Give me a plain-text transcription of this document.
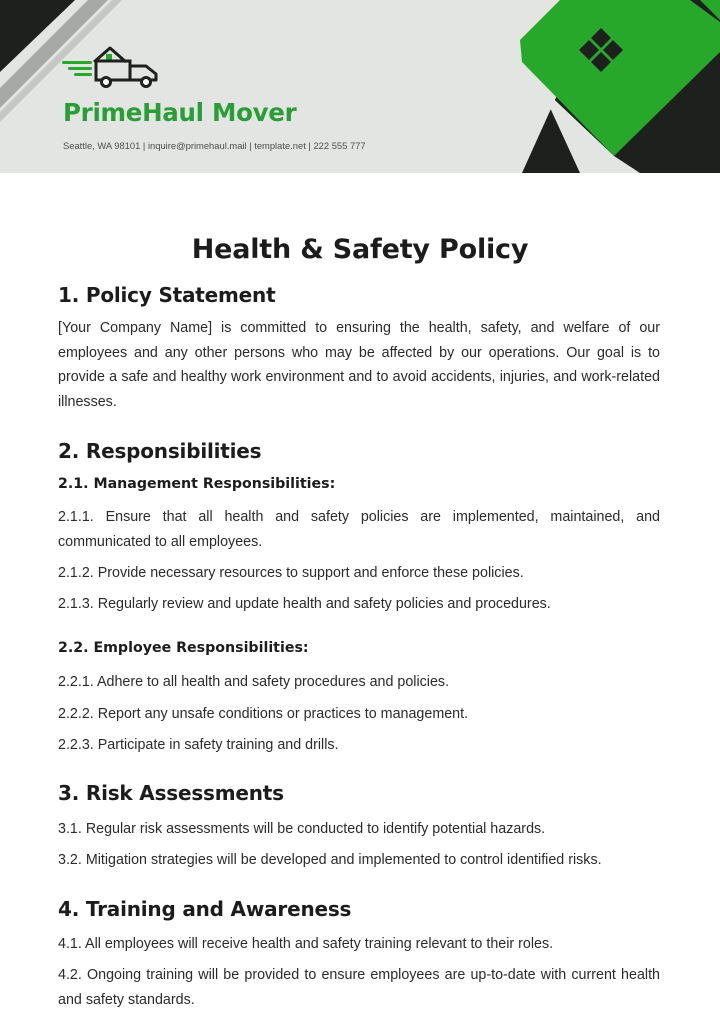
PrimeHaul Mover
Seattle, WA 98101 | inquire@primehaul.mail | template.net | 222 555 777
Health & Safety Policy
1. Policy Statement
[Your Company Name] is committed to ensuring the health, safety, and welfare of our employees and any other persons who may be affected by our operations. Our goal is to provide a safe and healthy work environment and to avoid accidents, injuries, and work-related illnesses.
2. Responsibilities
2.1. Management Responsibilities:
2.1.1. Ensure that all health and safety policies are implemented, maintained, and communicated to all employees.
2.1.2. Provide necessary resources to support and enforce these policies.
2.1.3. Regularly review and update health and safety policies and procedures.
2.2. Employee Responsibilities:
2.2.1. Adhere to all health and safety procedures and policies.
2.2.2. Report any unsafe conditions or practices to management.
2.2.3. Participate in safety training and drills.
3. Risk Assessments
3.1. Regular risk assessments will be conducted to identify potential hazards.
3.2. Mitigation strategies will be developed and implemented to control identified risks.
4. Training and Awareness
4.1. All employees will receive health and safety training relevant to their roles.
4.2. Ongoing training will be provided to ensure employees are up-to-date with current health and safety standards.
